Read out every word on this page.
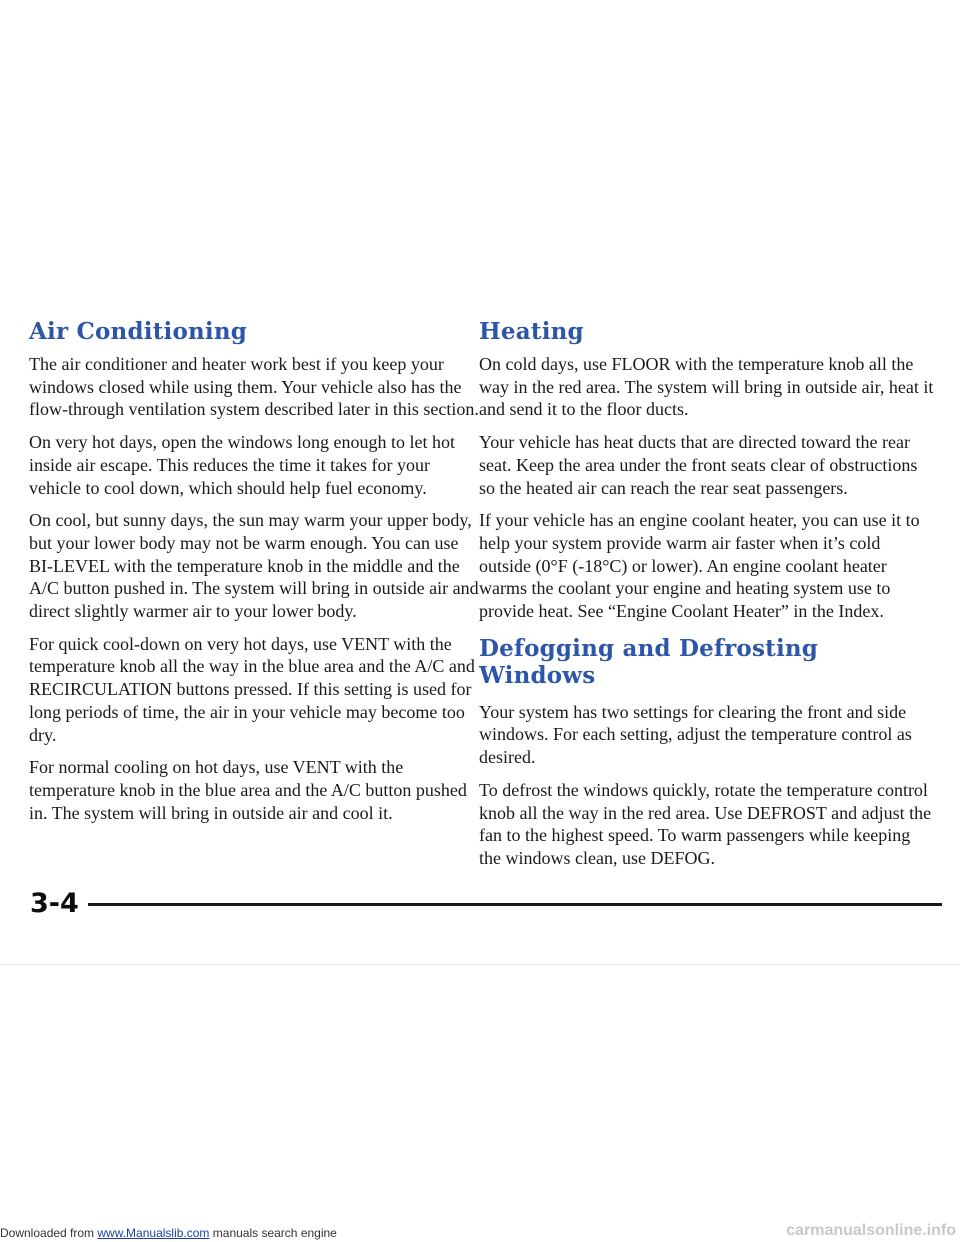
Air Conditioning

The air conditioner and heater work best if you keep your windows closed while using them. Your vehicle also has the flow-through ventilation system described later in this section.

On very hot days, open the windows long enough to let hot inside air escape. This reduces the time it takes for your vehicle to cool down, which should help fuel economy.

On cool, but sunny days, the sun may warm your upper body, but your lower body may not be warm enough. You can use BI-LEVEL with the temperature knob in the middle and the A/C button pushed in. The system will bring in outside air and direct slightly warmer air to your lower body.

For quick cool-down on very hot days, use VENT with the temperature knob all the way in the blue area and the A/C and RECIRCULATION buttons pressed. If this setting is used for long periods of time, the air in your vehicle may become too dry.

For normal cooling on hot days, use VENT with the temperature knob in the blue area and the A/C button pushed in. The system will bring in outside air and cool it.

Heating

On cold days, use FLOOR with the temperature knob all the way in the red area. The system will bring in outside air, heat it and send it to the floor ducts.

Your vehicle has heat ducts that are directed toward the rear seat. Keep the area under the front seats clear of obstructions so the heated air can reach the rear seat passengers.

If your vehicle has an engine coolant heater, you can use it to help your system provide warm air faster when it’s cold outside (0°F (-18°C) or lower). An engine coolant heater warms the coolant your engine and heating system use to provide heat. See “Engine Coolant Heater” in the Index.

Defogging and Defrosting Windows

Your system has two settings for clearing the front and side windows. For each setting, adjust the temperature control as desired.

To defrost the windows quickly, rotate the temperature control knob all the way in the red area. Use DEFROST and adjust the fan to the highest speed. To warm passengers while keeping the windows clean, use DEFOG.

3-4
Downloaded from www.Manualslib.com manuals search engine	carmanualsonline.info
